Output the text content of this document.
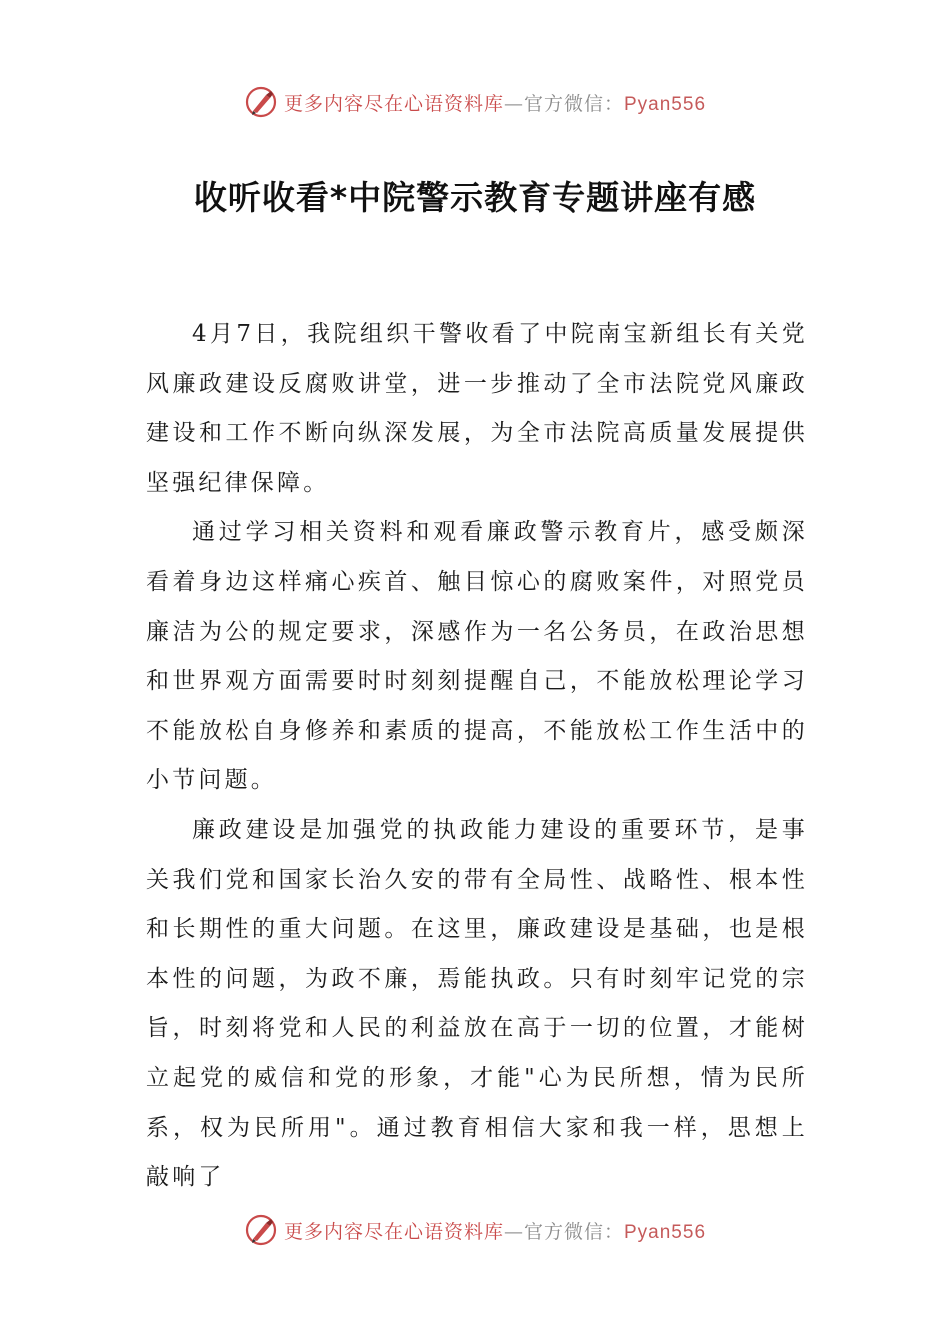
更多内容尽在心语资料库—官方微信：Pyan556
收听收看*中院警示教育专题讲座有感

4月7日，我院组织干警收看了中院南宝新组长有关党风廉政建设反腐败讲堂，进一步推动了全市法院党风廉政建设和工作不断向纵深发展，为全市法院高质量发展提供坚强纪律保障。

通过学习相关资料和观看廉政警示教育片，感受颇深看着身边这样痛心疾首、触目惊心的腐败案件，对照党员廉洁为公的规定要求，深感作为一名公务员，在政治思想和世界观方面需要时时刻刻提醒自己，不能放松理论学习不能放松自身修养和素质的提高，不能放松工作生活中的小节问题。

廉政建设是加强党的执政能力建设的重要环节，是事关我们党和国家长治久安的带有全局性、战略性、根本性和长期性的重大问题。在这里，廉政建设是基础，也是根本性的问题，为政不廉，焉能执政。只有时刻牢记党的宗旨，时刻将党和人民的利益放在高于一切的位置，才能树立起党的威信和党的形象，才能"心为民所想，情为民所系，权为民所用"。通过教育相信大家和我一样，思想上敲响了

更多内容尽在心语资料库—官方微信：Pyan556
